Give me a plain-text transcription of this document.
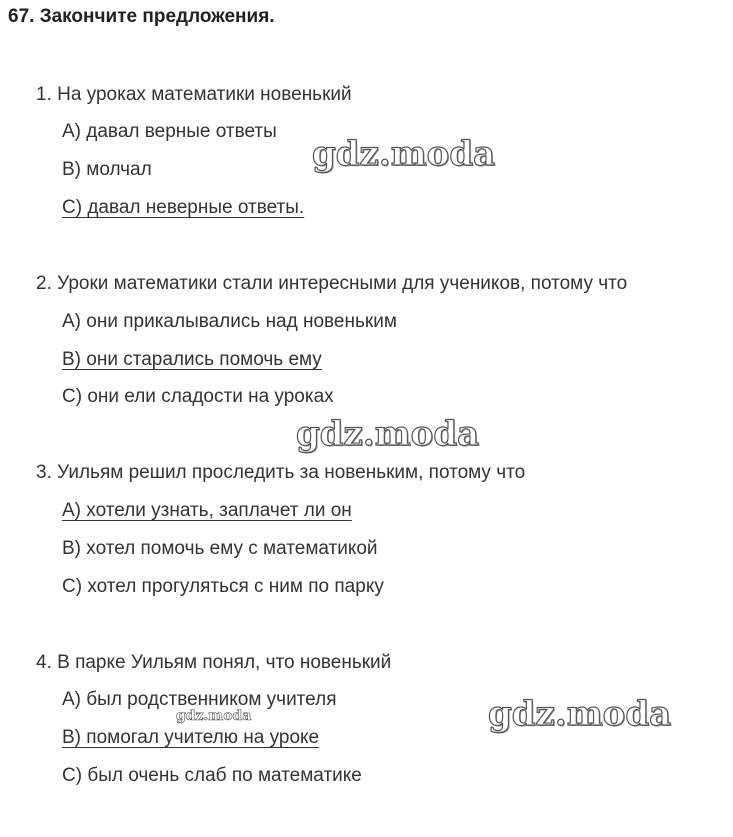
67. Закончите предложения.
1. На уроках математики новенький
A) давал верные ответы
B) молчал
C) давал неверные ответы.
2. Уроки математики стали интересными для учеников, потому что
A) они прикалывались над новеньким
B) они старались помочь ему
C) они ели сладости на уроках
3. Уильям решил проследить за новеньким, потому что
A) хотели узнать, заплачет ли он
B) хотел помочь ему с математикой
C) хотел прогуляться с ним по парку
4. В парке Уильям понял, что новенький
A) был родственником учителя
B) помогал учителю на уроке
C) был очень слаб по математике
gdz.moda
gdz.moda
gdz.moda	gdz.moda
